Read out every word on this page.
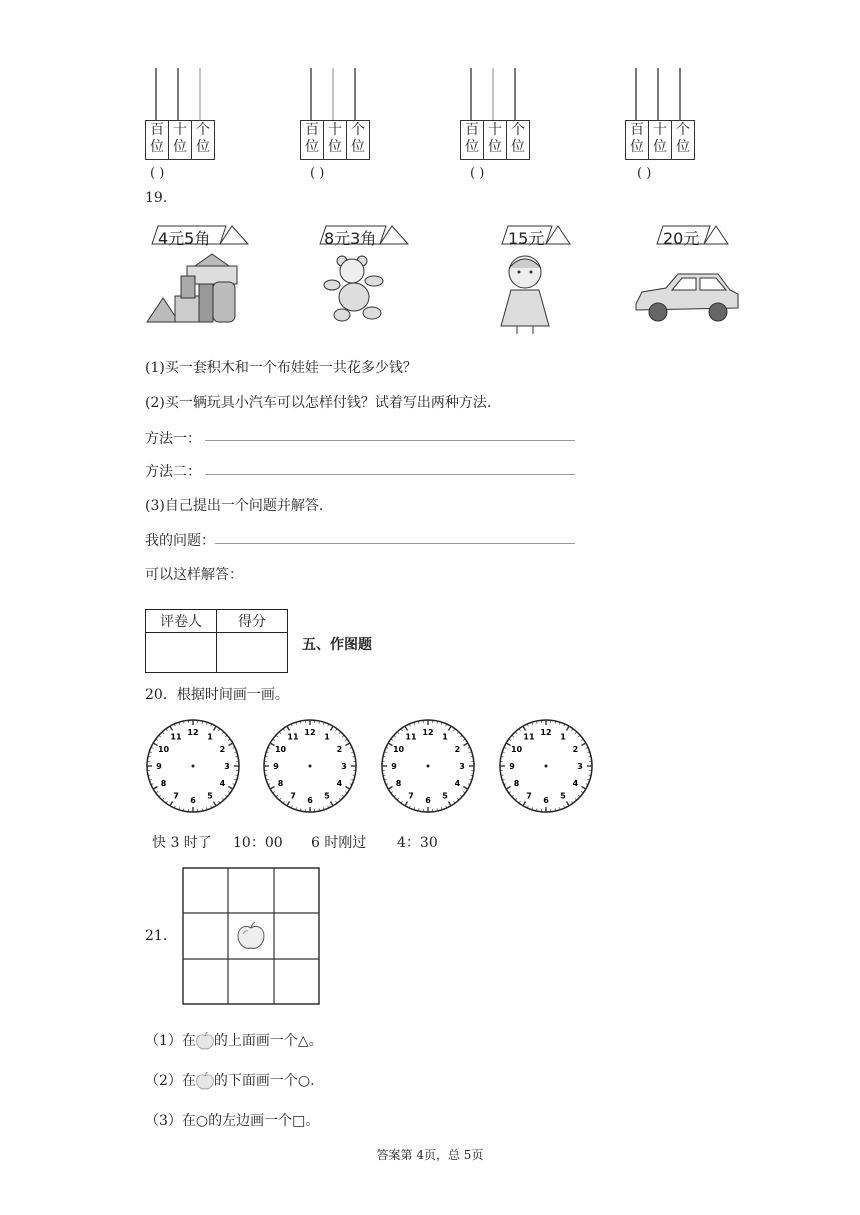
百
位
十
位
个
位
( )
百
位
十
位
个
位
( )
百
位
十
位
个
位
( )
百
位
十
位
个
位
( )
19.
4元5角	8元3角	15元	20元
(1)买一套积木和一个布娃娃一共花多少钱？
(2)买一辆玩具小汽车可以怎样付钱？试着写出两种方法.
方法一：
方法二：
(3)自己提出一个问题并解答.
我的问题：
可以这样解答：
评卷人	得分

五、作图题
20．根据时间画一画。
12
1
2
3
4
5
6
7
8
9
10
11
12
1
2
3
4
5
6
7
8
9
10
11
12
1
2
3
4
5
6
7
8
9
10
11
12
1
2
3
4
5
6
7
8
9
10
11
快 3 时了 10：00 6 时刚过 4：30
21.
（1）在 的上面画一个△。
（2）在 的下面画一个○.
（3）在○的左边画一个□。
答案第 4页，总 5页
